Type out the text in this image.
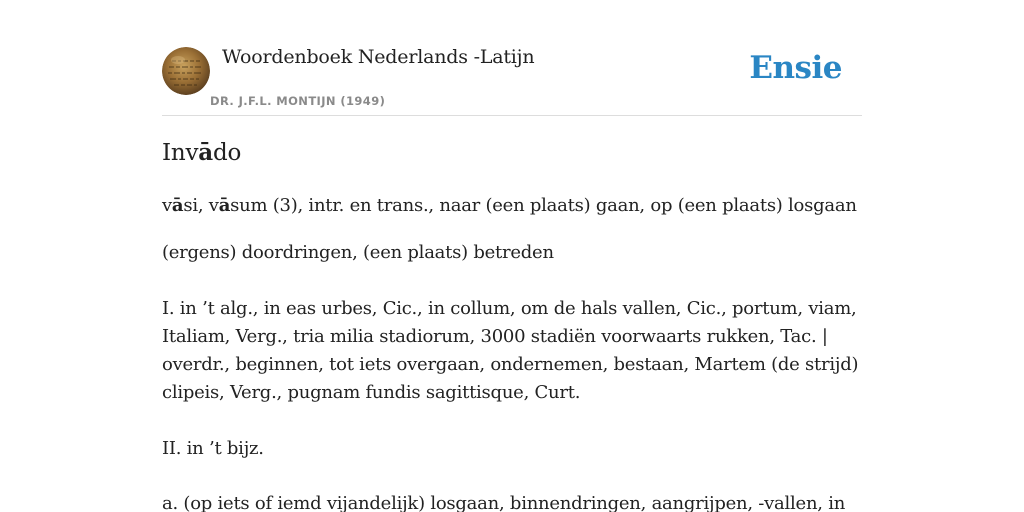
Woordenboek Nederlands -Latijn
DR. J.F.L. MONTIJN (1949)
Ensie
Invādo

vāsi, vāsum (3), intr. en trans., naar (een plaats) gaan, op (een plaats) losgaan

(ergens) doordringen, (een plaats) betreden

I. in ’t alg., in eas urbes, Cic., in collum, om de hals vallen, Cic., portum, viam, Italiam, Verg., tria milia stadiorum, 3000 stadiën voorwaarts rukken, Tac. | overdr., beginnen, tot iets overgaan, ondernemen, bestaan, Martem (de strijd) clipeis, Verg., pugnam fundis sagittisque, Curt.

II. in ’t bijz.

a. (op iets of iemd vijandelijk) losgaan, binnendringen, aangrijpen, -vallen, in
